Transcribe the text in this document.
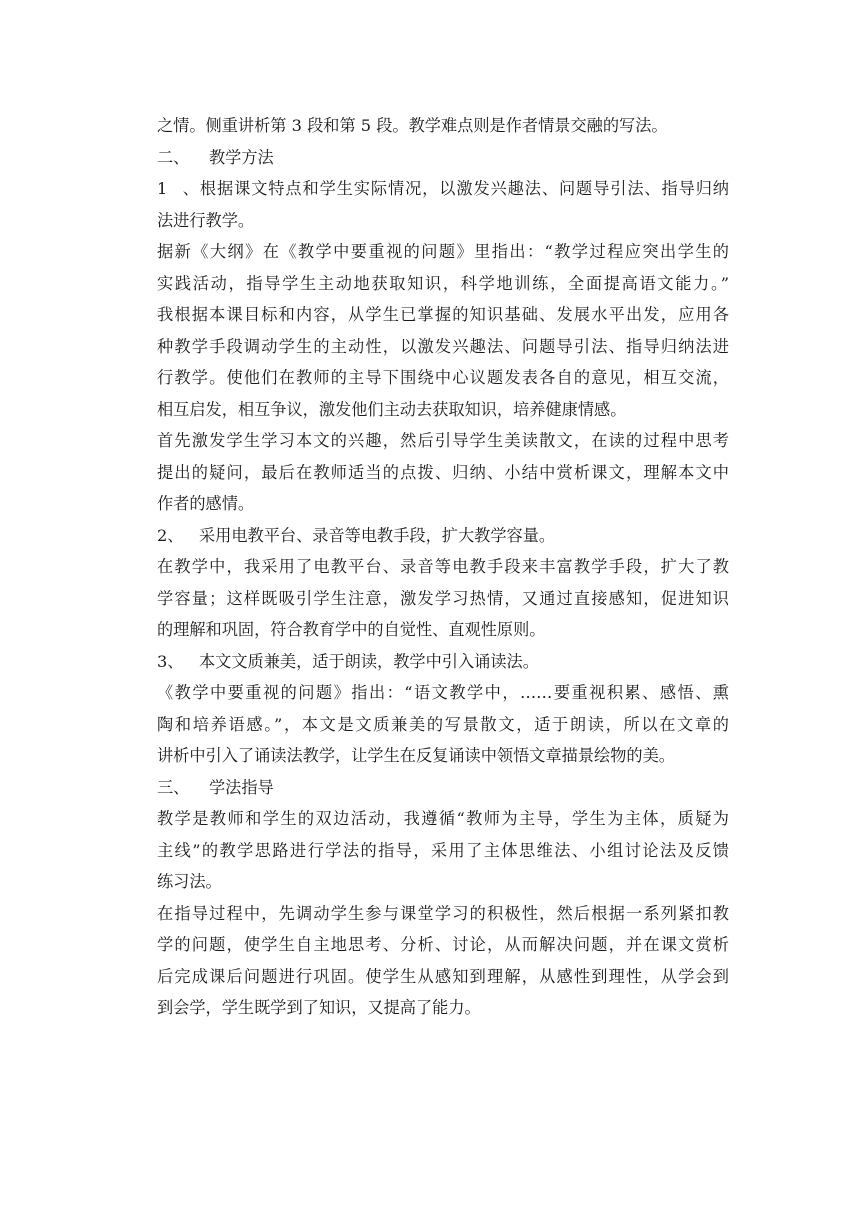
之情。侧重讲析第 3 段和第 5 段。教学难点则是作者情景交融的写法。
二、 教学方法
1、根据课文特点和学生实际情况，以激发兴趣法、问题导引法、指导归纳
法进行教学。
据新《大纲》在《教学中要重视的问题》里指出：“教学过程应突出学生的
实践活动，指导学生主动地获取知识，科学地训练，全面提高语文能力。”
我根据本课目标和内容，从学生已掌握的知识基础、发展水平出发，应用各
种教学手段调动学生的主动性，以激发兴趣法、问题导引法、指导归纳法进
行教学。使他们在教师的主导下围绕中心议题发表各自的意见，相互交流，
相互启发，相互争议，激发他们主动去获取知识，培养健康情感。
首先激发学生学习本文的兴趣，然后引导学生美读散文，在读的过程中思考
提出的疑问，最后在教师适当的点拨、归纳、小结中赏析课文，理解本文中
作者的感情。
2、 采用电教平台、录音等电教手段，扩大教学容量。
在教学中，我采用了电教平台、录音等电教手段来丰富教学手段，扩大了教
学容量；这样既吸引学生注意，激发学习热情，又通过直接感知，促进知识
的理解和巩固，符合教育学中的自觉性、直观性原则。
3、 本文文质兼美，适于朗读，教学中引入诵读法。
《教学中要重视的问题》指出：“语文教学中，……要重视积累、感悟、熏
陶和培养语感。”，本文是文质兼美的写景散文，适于朗读，所以在文章的
讲析中引入了诵读法教学，让学生在反复诵读中领悟文章描景绘物的美。
三、 学法指导
教学是教师和学生的双边活动，我遵循“教师为主导，学生为主体，质疑为
主线”的教学思路进行学法的指导，采用了主体思维法、小组讨论法及反馈
练习法。
在指导过程中，先调动学生参与课堂学习的积极性，然后根据一系列紧扣教
学的问题，使学生自主地思考、分析、讨论，从而解决问题，并在课文赏析
后完成课后问题进行巩固。使学生从感知到理解，从感性到理性，从学会到
到会学，学生既学到了知识，又提高了能力。
